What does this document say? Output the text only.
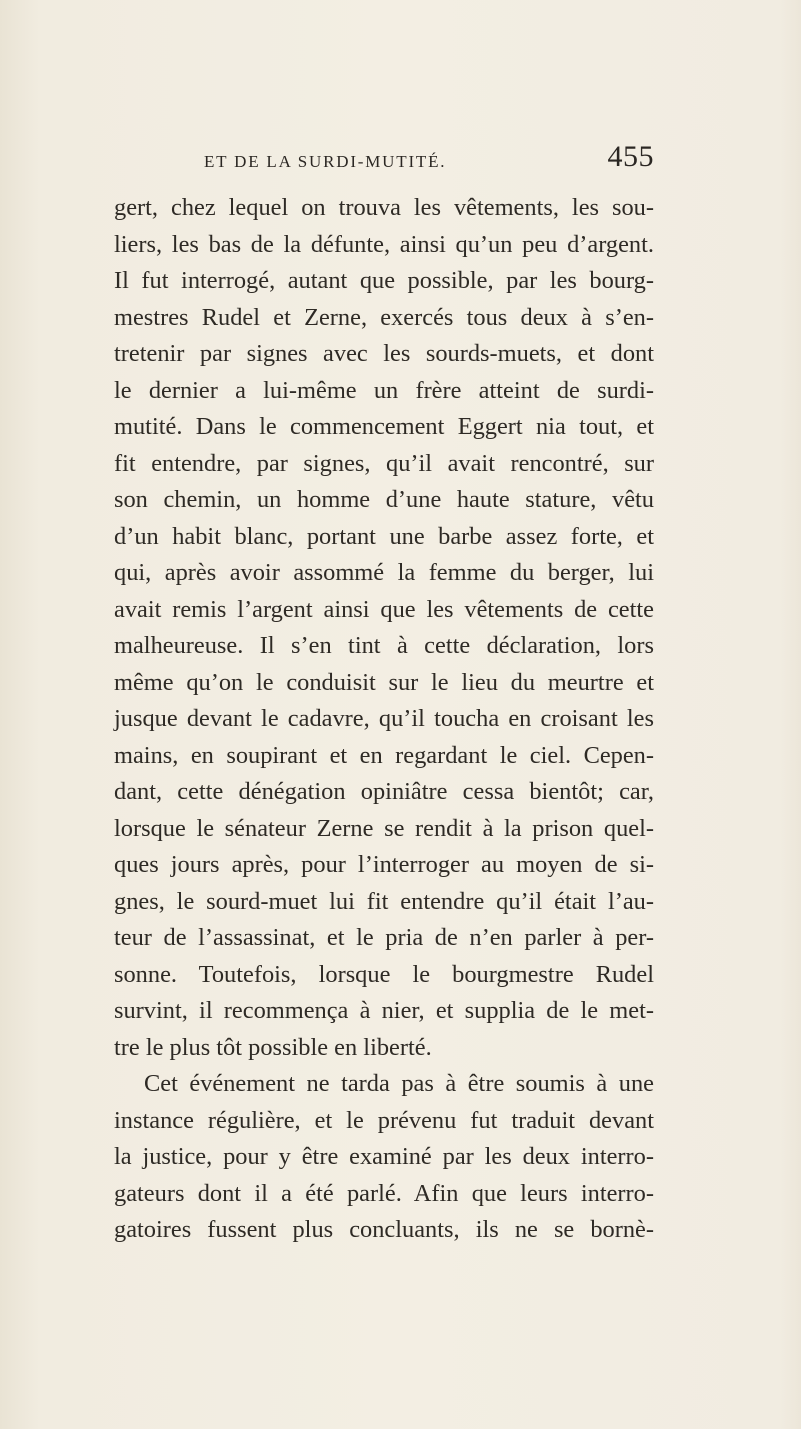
ET DE LA SURDI-MUTITÉ.	455
gert, chez lequel on trouva les vêtements, les sou-
liers, les bas de la défunte, ainsi qu’un peu d’argent.
Il fut interrogé, autant que possible, par les bourg-
mestres Rudel et Zerne, exercés tous deux à s’en-
tretenir par signes avec les sourds-muets, et dont
le dernier a lui-même un frère atteint de surdi-
mutité. Dans le commencement Eggert nia tout, et
fit entendre, par signes, qu’il avait rencontré, sur
son chemin, un homme d’une haute stature, vêtu
d’un habit blanc, portant une barbe assez forte, et
qui, après avoir assommé la femme du berger, lui
avait remis l’argent ainsi que les vêtements de cette
malheureuse. Il s’en tint à cette déclaration, lors
même qu’on le conduisit sur le lieu du meurtre et
jusque devant le cadavre, qu’il toucha en croisant les
mains, en soupirant et en regardant le ciel. Cepen-
dant, cette dénégation opiniâtre cessa bientôt; car,
lorsque le sénateur Zerne se rendit à la prison quel-
ques jours après, pour l’interroger au moyen de si-
gnes, le sourd-muet lui fit entendre qu’il était l’au-
teur de l’assassinat, et le pria de n’en parler à per-
sonne. Toutefois, lorsque le bourgmestre Rudel
survint, il recommença à nier, et supplia de le met-
tre le plus tôt possible en liberté.
Cet événement ne tarda pas à être soumis à une
instance régulière, et le prévenu fut traduit devant
la justice, pour y être examiné par les deux interro-
gateurs dont il a été parlé. Afin que leurs interro-
gatoires fussent plus concluants, ils ne se bornè-
